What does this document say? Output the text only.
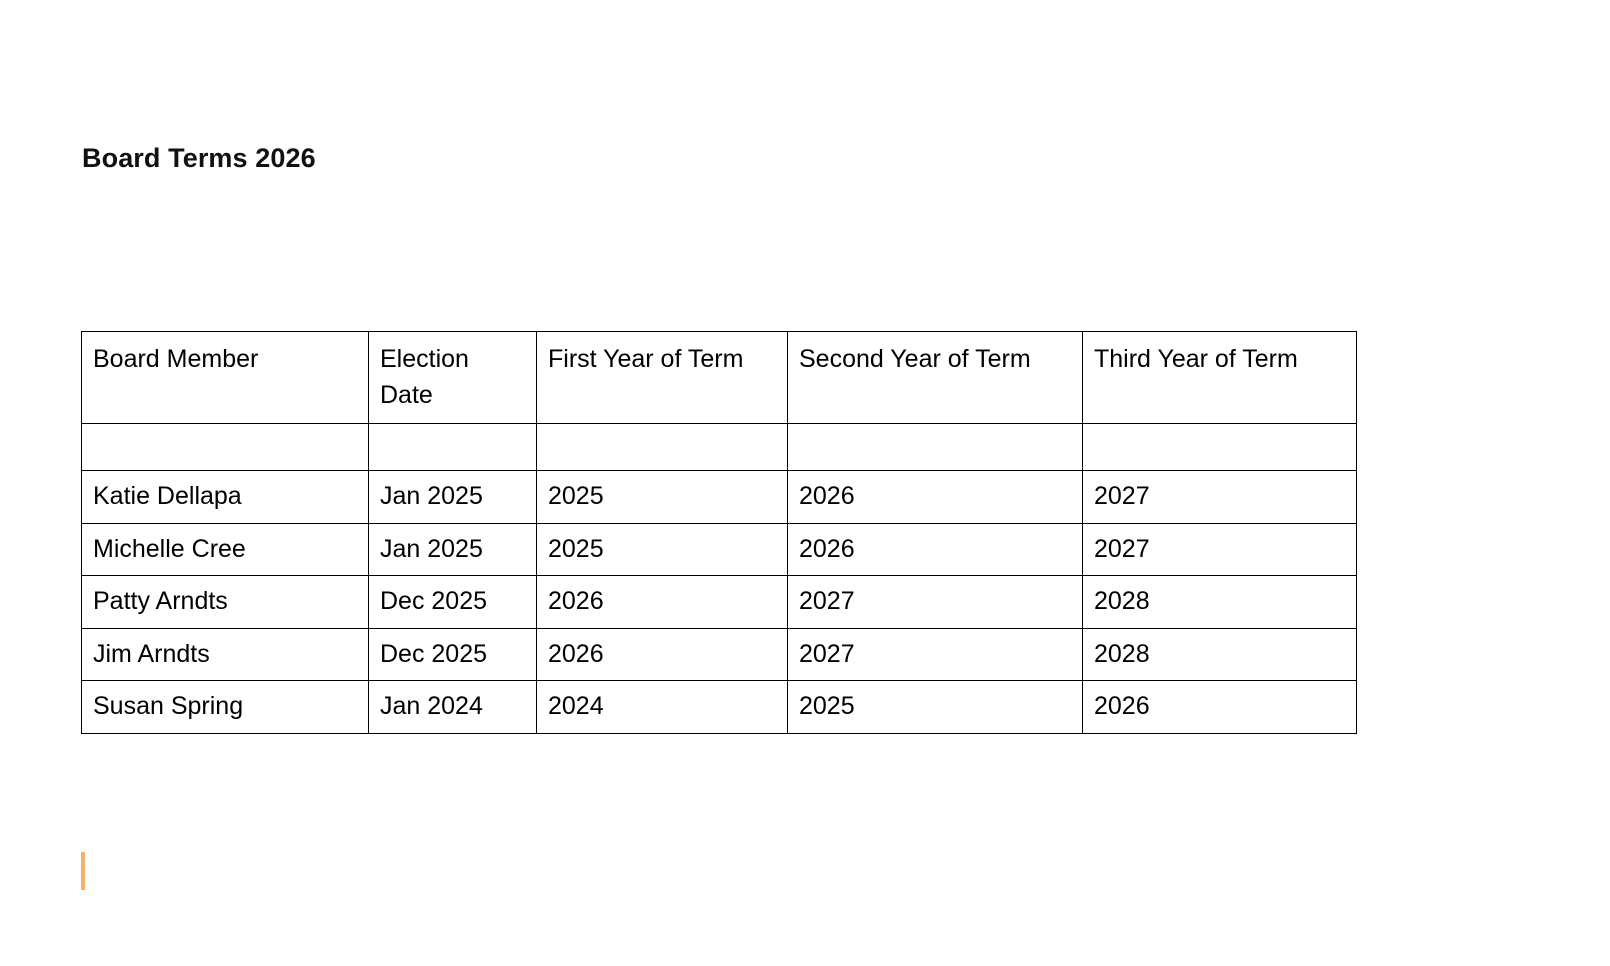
Board Terms 2026
Board Member	Election Date	First Year of Term	Second Year of Term	Third Year of Term

Katie Dellapa	Jan 2025	2025	2026	2027
Michelle Cree	Jan 2025	2025	2026	2027
Patty Arndts	Dec 2025	2026	2027	2028
Jim Arndts	Dec 2025	2026	2027	2028
Susan Spring	Jan 2024	2024	2025	2026
